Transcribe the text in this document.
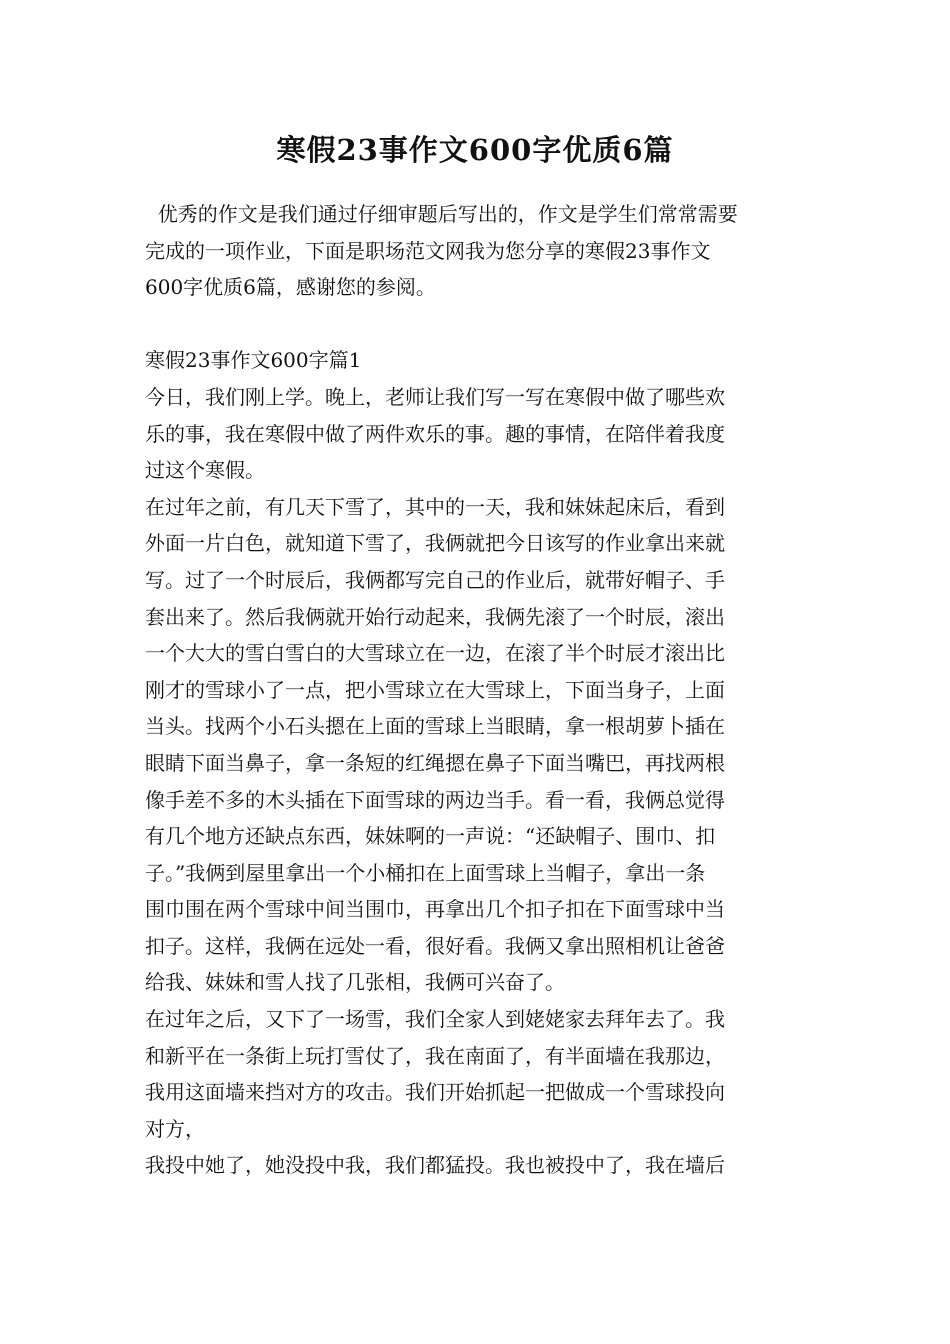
寒假23事作文600字优质6篇
优秀的作文是我们通过仔细审题后写出的，作文是学生们常常需要
完成的一项作业，下面是职场范文网我为您分享的寒假23事作文
600字优质6篇，感谢您的参阅。
寒假23事作文600字篇1
今日，我们刚上学。晚上，老师让我们写一写在寒假中做了哪些欢
乐的事，我在寒假中做了两件欢乐的事。趣的事情，在陪伴着我度
过这个寒假。
在过年之前，有几天下雪了，其中的一天，我和妹妹起床后，看到
外面一片白色，就知道下雪了，我俩就把今日该写的作业拿出来就
写。过了一个时辰后，我俩都写完自己的作业后，就带好帽子、手
套出来了。然后我俩就开始行动起来，我俩先滚了一个时辰，滚出
一个大大的雪白雪白的大雪球立在一边，在滚了半个时辰才滚出比
刚才的雪球小了一点，把小雪球立在大雪球上，下面当身子，上面
当头。找两个小石头摁在上面的雪球上当眼睛，拿一根胡萝卜插在
眼睛下面当鼻子，拿一条短的红绳摁在鼻子下面当嘴巴，再找两根
像手差不多的木头插在下面雪球的两边当手。看一看，我俩总觉得
有几个地方还缺点东西，妹妹啊的一声说：“还缺帽子、围巾、扣
子。”我俩到屋里拿出一个小桶扣在上面雪球上当帽子，拿出一条
围巾围在两个雪球中间当围巾，再拿出几个扣子扣在下面雪球中当
扣子。这样，我俩在远处一看，很好看。我俩又拿出照相机让爸爸
给我、妹妹和雪人找了几张相，我俩可兴奋了。
在过年之后，又下了一场雪，我们全家人到姥姥家去拜年去了。我
和新平在一条街上玩打雪仗了，我在南面了，有半面墙在我那边，
我用这面墙来挡对方的攻击。我们开始抓起一把做成一个雪球投向
对方，
我投中她了，她没投中我，我们都猛投。我也被投中了，我在墙后
